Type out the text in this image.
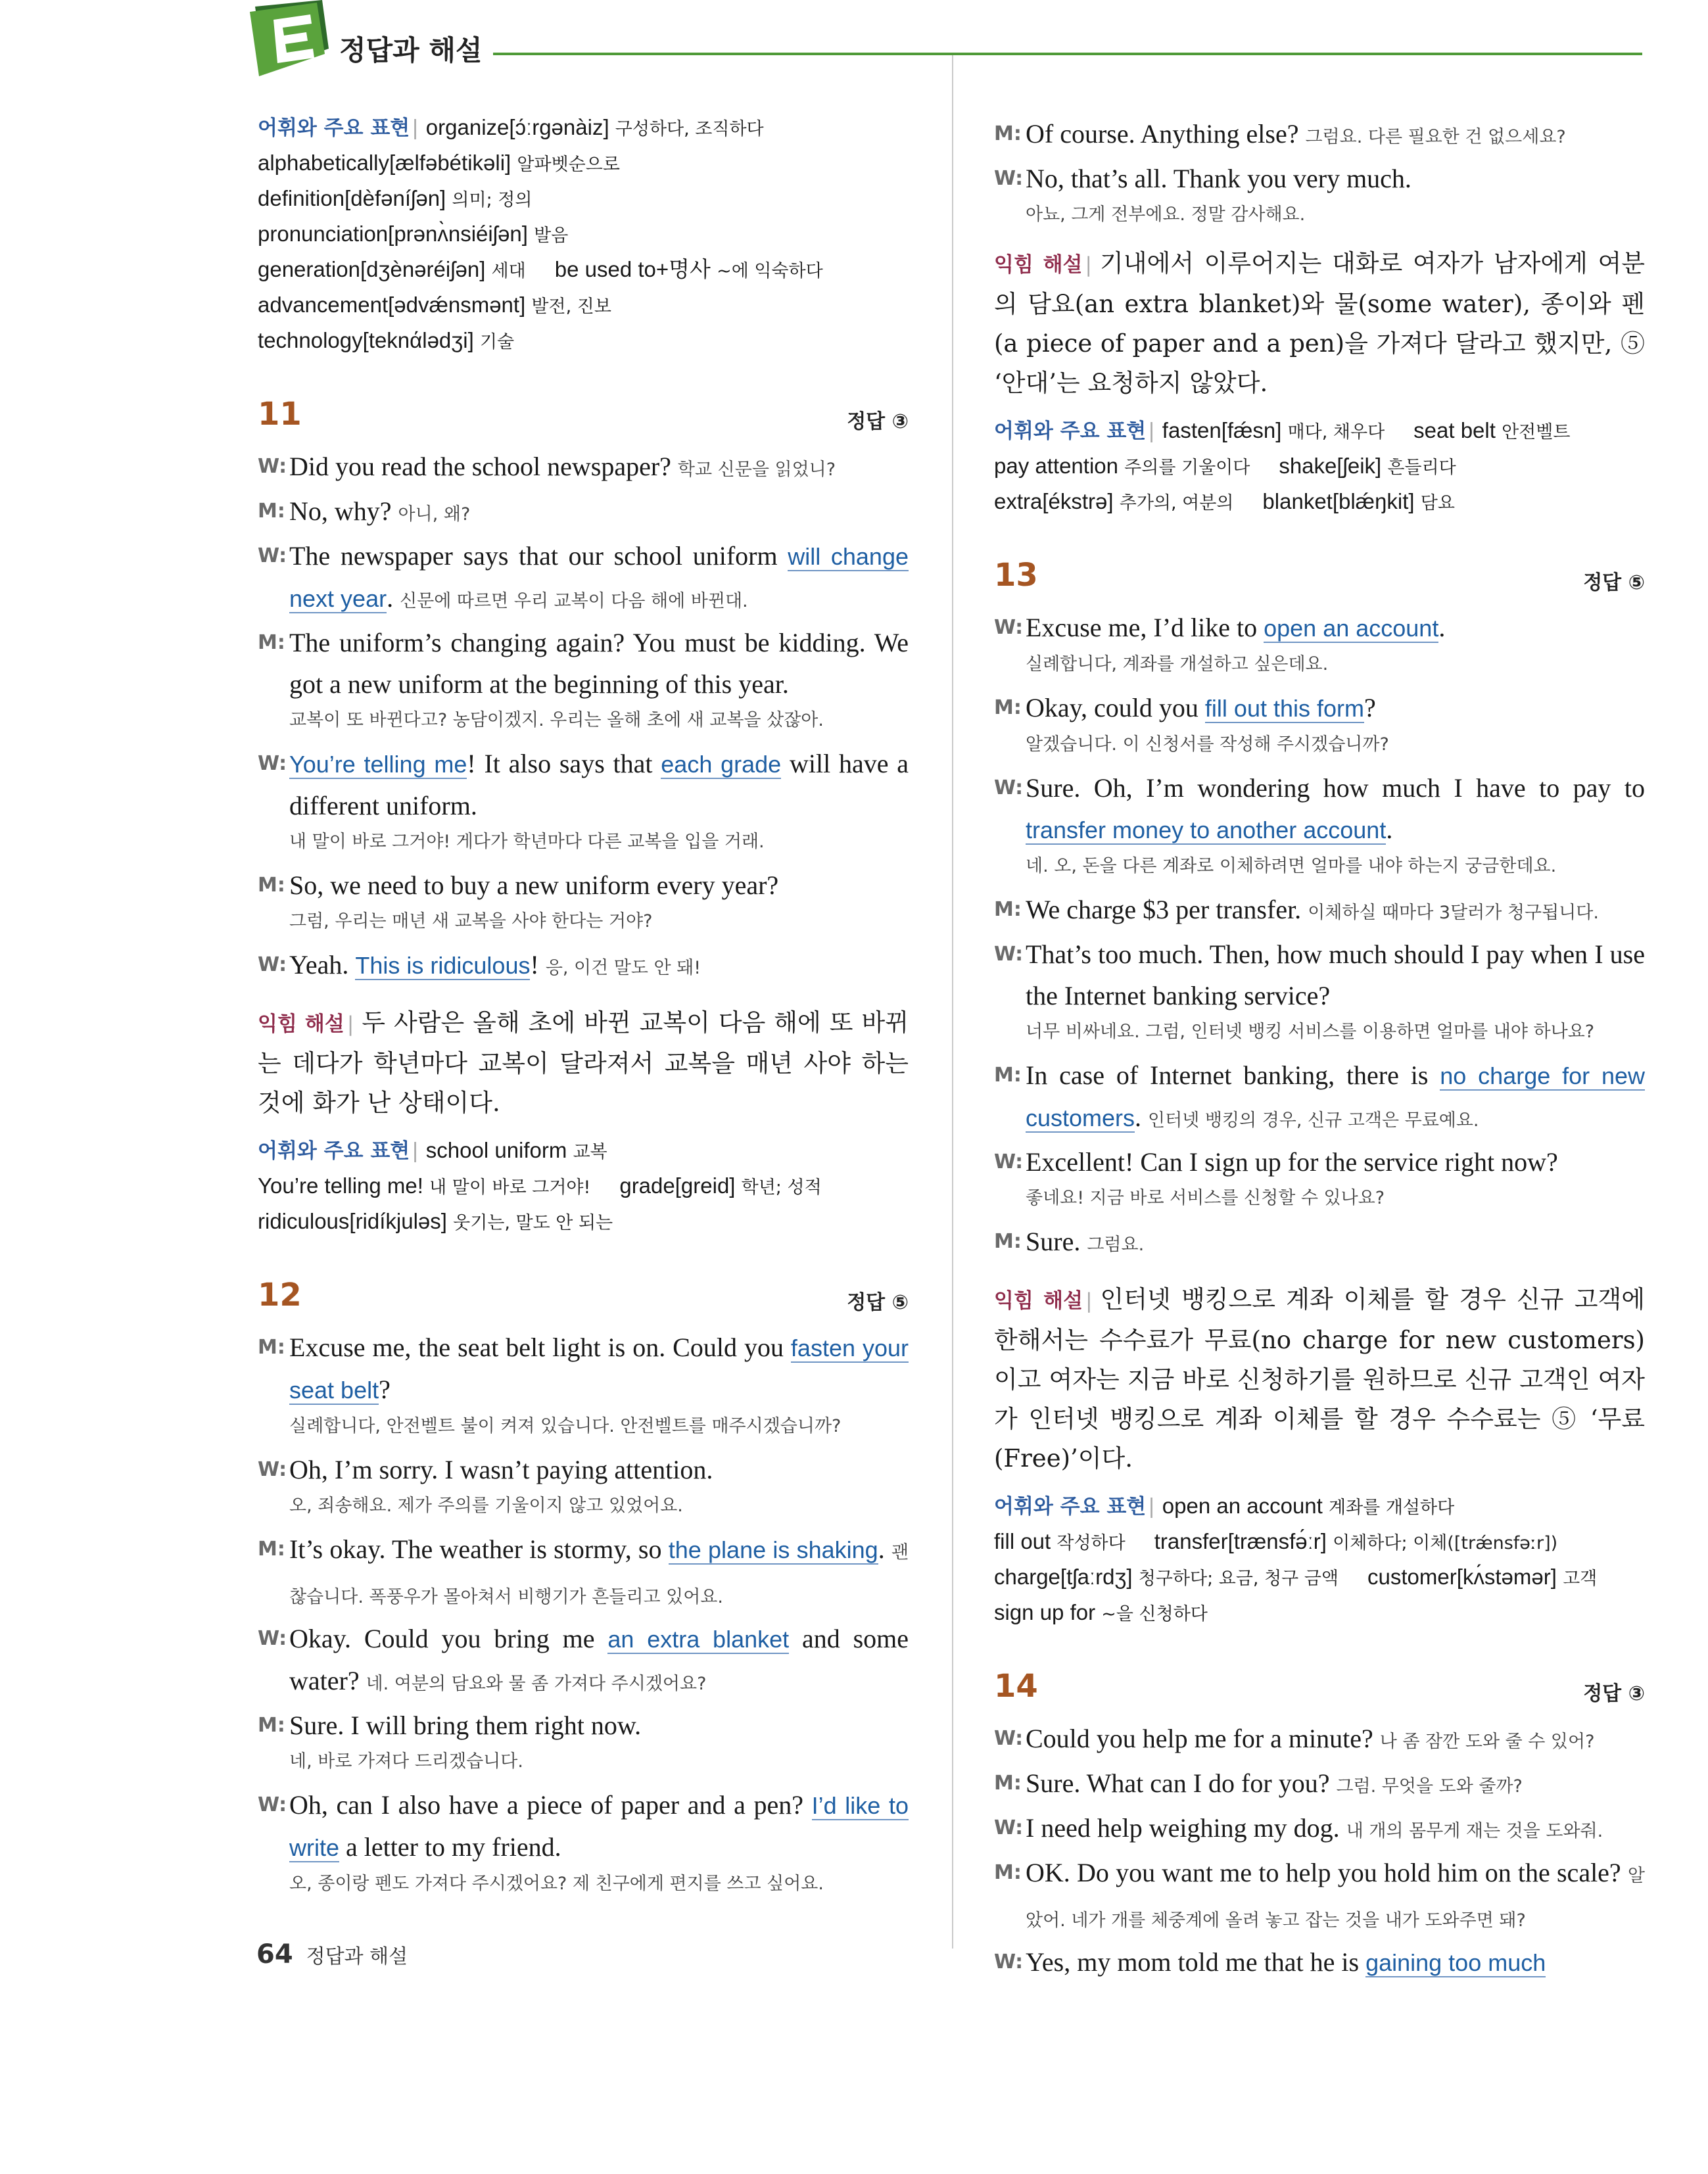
정답과 해설
어휘와 주요 표현 | organize[ɔ́ːrgənàiz] 구성하다, 조직하다
alphabetically[ӕlfəbétikəli] 알파벳순으로
definition[dèfəníʃən] 의미; 정의
pronunciation[prənʌ̀nsiéiʃən] 발음
generation[dʒènəréiʃən] 세대 be used to+명사 ~에 익숙하다
advancement[ədvǽnsmənt] 발전, 진보
technology[teknάlədʒi] 기술
11	정답 ③
W: Did you read the school newspaper? 학교 신문을 읽었니?
M: No, why? 아니, 왜?
W: The newspaper says that our school uniform will change next year. 신문에 따르면 우리 교복이 다음 해에 바뀐대.
M: The uniform’s changing again? You must be kidding. We got a new uniform at the beginning of this year.
교복이 또 바뀐다고? 농담이겠지. 우리는 올해 초에 새 교복을 샀잖아.
W: You’re telling me! It also says that each grade will have a different uniform.
내 말이 바로 그거야! 게다가 학년마다 다른 교복을 입을 거래.
M: So, we need to buy a new uniform every year?
그럼, 우리는 매년 새 교복을 사야 한다는 거야?
W: Yeah. This is ridiculous! 응, 이건 말도 안 돼!
익힘 해설 | 두 사람은 올해 초에 바뀐 교복이 다음 해에 또 바뀌는 데다가 학년마다 교복이 달라져서 교복을 매년 사야 하는 것에 화가 난 상태이다.
어휘와 주요 표현 | school uniform 교복
You’re telling me! 내 말이 바로 그거야! grade[greid] 학년; 성적
ridiculous[ridíkjuləs] 웃기는, 말도 안 되는
12	정답 ⑤
M: Excuse me, the seat belt light is on. Could you fasten your seat belt?
실례합니다, 안전벨트 불이 켜져 있습니다. 안전벨트를 매주시겠습니까?
W: Oh, I’m sorry. I wasn’t paying attention.
오, 죄송해요. 제가 주의를 기울이지 않고 있었어요.
M: It’s okay. The weather is stormy, so the plane is shaking. 괜찮습니다. 폭풍우가 몰아쳐서 비행기가 흔들리고 있어요.
W: Okay. Could you bring me an extra blanket and some water? 네. 여분의 담요와 물 좀 가져다 주시겠어요?
M: Sure. I will bring them right now.
네, 바로 가져다 드리겠습니다.
W: Oh, can I also have a piece of paper and a pen? I’d like to write a letter to my friend.
오, 종이랑 펜도 가져다 주시겠어요? 제 친구에게 편지를 쓰고 싶어요.
M: Of course. Anything else? 그럼요. 다른 필요한 건 없으세요?
W: No, that’s all. Thank you very much.
아뇨, 그게 전부에요. 정말 감사해요.
익힘 해설 | 기내에서 이루어지는 대화로 여자가 남자에게 여분의 담요(an extra blanket)와 물(some water), 종이와 펜(a piece of paper and a pen)을 가져다 달라고 했지만, ⑤ ‘안대’는 요청하지 않았다.
어휘와 주요 표현 | fasten[fǽsn] 매다, 채우다 seat belt 안전벨트
pay attention 주의를 기울이다 shake[ʃeik] 흔들리다
extra[ékstrə] 추가의, 여분의 blanket[blǽŋkit] 담요
13	정답 ⑤
W: Excuse me, I’d like to open an account.
실례합니다, 계좌를 개설하고 싶은데요.
M: Okay, could you fill out this form?
알겠습니다. 이 신청서를 작성해 주시겠습니까?
W: Sure. Oh, I’m wondering how much I have to pay to transfer money to another account.
네. 오, 돈을 다른 계좌로 이체하려면 얼마를 내야 하는지 궁금한데요.
M: We charge $3 per transfer. 이체하실 때마다 3달러가 청구됩니다.
W: That’s too much. Then, how much should I pay when I use the Internet banking service?
너무 비싸네요. 그럼, 인터넷 뱅킹 서비스를 이용하면 얼마를 내야 하나요?
M: In case of Internet banking, there is no charge for new customers. 인터넷 뱅킹의 경우, 신규 고객은 무료예요.
W: Excellent! Can I sign up for the service right now?
좋네요! 지금 바로 서비스를 신청할 수 있나요?
M: Sure. 그럼요.
익힘 해설 | 인터넷 뱅킹으로 계좌 이체를 할 경우 신규 고객에 한해서는 수수료가 무료(no charge for new customers)이고 여자는 지금 바로 신청하기를 원하므로 신규 고객인 여자가 인터넷 뱅킹으로 계좌 이체를 할 경우 수수료는 ⑤ ‘무료(Free)’이다.
어휘와 주요 표현 | open an account 계좌를 개설하다
fill out 작성하다 transfer[trænsfə́ːr] 이체하다; 이체([trǽnsfəːr])
charge[tʃaːrdʒ] 청구하다; 요금, 청구 금액 customer[kʌ́stəmər] 고객
sign up for ~을 신청하다
14	정답 ③
W: Could you help me for a minute? 나 좀 잠깐 도와 줄 수 있어?
M: Sure. What can I do for you? 그럼. 무엇을 도와 줄까?
W: I need help weighing my dog. 내 개의 몸무게 재는 것을 도와줘.
M: OK. Do you want me to help you hold him on the scale? 알았어. 네가 개를 체중계에 올려 놓고 잡는 것을 내가 도와주면 돼?
W: Yes, my mom told me that he is gaining too much
64 정답과 해설
